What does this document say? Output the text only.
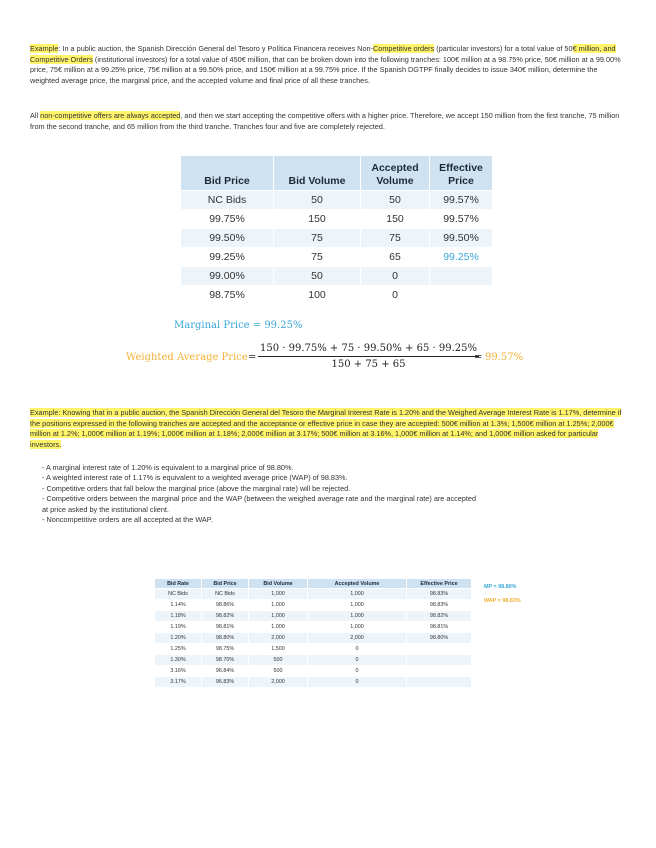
Example: In a public auction, the Spanish Dirección General del Tesoro y Política Financera receives Non-Competitive orders (particular investors) for a total value of 50€ million, and Competitive Orders (institutional investors) for a total value of 450€ million, that can be broken down into the following tranches: 100€ million at a 98.75% price, 50€ million at a 99.00% price, 75€ million at a 99.25% price, 75€ million at a 99.50% price, and 150€ million at a 99.75% price. If the Spanish DGTPF finally decides to issue 340€ million, determine the weighted average price, the marginal price, and the accepted volume and final price of all these tranches.
All non-competitive offers are always accepted, and then we start accepting the competitive offers with a higher price. Therefore, we accept 150 million from the first tranche, 75 million from the second tranche, and 65 million from the third tranche. Tranches four and five are completely rejected.
Bid Price	Bid Volume	Accepted Volume	Effective Price
NC Bids	50	50	99.57%
99.75%	150	150	99.57%
99.50%	75	75	99.50%
99.25%	75	65	99.25%
99.00%	50	0	
98.75%	100	0	
Marginal Price = 99.25%
Weighted Average Price = $\frac{150 \cdot 99.75\% + 75 \cdot 99.50\% + 65 \cdot 99.25\%}{150 + 75 + 65}$
= 99.57%
Example: Knowing that in a public auction, the Spanish Dirección General del Tesoro the Marginal Interest Rate is 1.20% and the Weighed Average Interest Rate is 1.17%, determine if the positions expressed in the following tranches are accepted and the acceptance or effective price in case they are accepted: 500€ million at 1.3%; 1,500€ million at 1.25%; 2,000€ million at 1.2%; 1,000€ million at 1.19%; 1,000€ million at 1.18%; 2,000€ million at 3.17%; 500€ million at 3.16%, 1,000€ million at 1.14%; and 1,000€ million asked for particular investors.
- A marginal interest rate of 1.20% is equivalent to a marginal price of 98.80%.
- A weighted interest rate of 1.17% is equivalent to a weighted average price (WAP) of 98.83%.
- Competitive orders that fall below the marginal price (above the marginal rate) will be rejected.
- Competitive orders between the marginal price and the WAP (between the weighed average rate and the marginal rate) are accepted at price asked by the institutional client.
- Noncompetitive orders are all accepted at the WAP.
Bid Rate	Bid Price	Bid Volume	Accepted Volume	Effective Price
NC Bids	NC Bids	1,000	1,000	98.83%
1.14%	98.86%	1,000	1,000	98.83%
1.18%	98.82%	1,000	1,000	98.82%
1.19%	98.81%	1,000	1,000	98.81%
1.20%	98.80%	2,000	2,000	98.80%
1.25%	98.75%	1,500	0	
1.30%	98.70%	500	0	
3.16%	96.84%	500	0	
3.17%	96.83%	2,000	0	
MP = 98.80%
WAP = 98.83%
